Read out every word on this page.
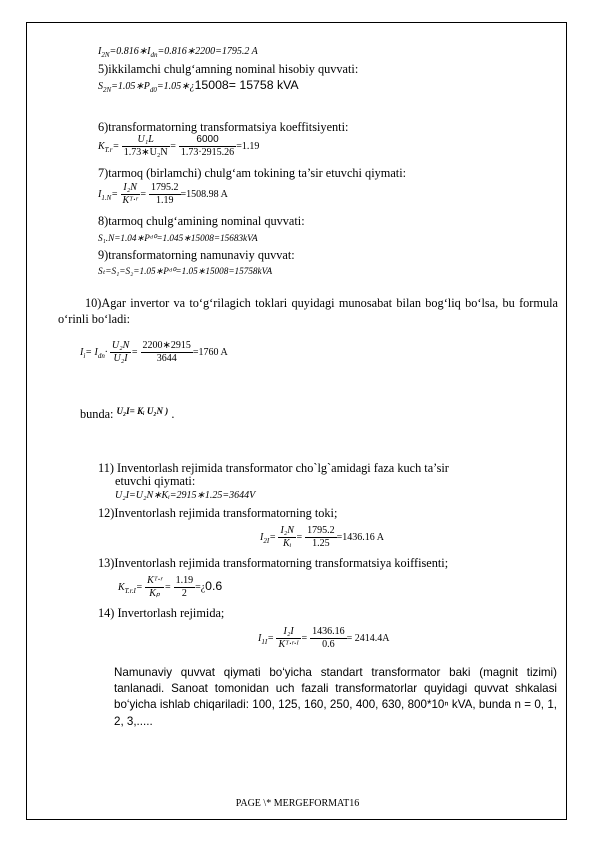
$I_{2N}=0.816∗I_{dn}=0.816∗2200=1795.2$ A
5)ikkilamchi chulg‘amning nominal hisobiy quvvati:
$S_{2N}=1.05∗P_{d0}=1.05∗¿15008= 15758$ kVA
6)transformatorning transformatsiya koeffitsiyenti:
$K_{T.r}= \frac{\text{U₁L}}{\text{1.73∗U₂N}} = \frac{6000}{1.73\cdot 2915.26} =1.19$
7)tarmoq (birlamchi) chulg‘am tokining ta’sir etuvchi qiymati:
$I_{1.N}= \frac{\text{I₂N}}{\text{Kᵀ·ʳ}} = \frac{1795.2}{1.19} =1508.98$ A
8)tarmoq chulg‘amining nominal quvvati:
S₁.N=1.04∗Pᵈ⁰=1.045∗15008=15683kVA
9)transformatorning namunaviy quvvat:
Sₜ=S₁=S₂=1.05∗Pᵈ⁰=1.05∗15008=15758kVA
10)Agar invertor va to‘g‘rilagich toklari quyidagi munosabat bilan bog‘liq bo‘lsa, bu formula o‘rinli bo‘ladi:
$I_i= I_{dn}\cdot \frac{\text{U₂N}}{\text{U₂I}} = \frac{2200∗2915}{3644} =1760$ A
bunda: $^{U_2I= Kᵢ U_2N )}$ .
11) Inventorlash rejimida transformator cho`lg`amidagi faza kuch ta’sir
etuvchi qiymati:
U₂I=U₂N∗Kᵢ=2915∗1.25=3644V
12)Inventorlash rejimida transformatorning toki;
$I_{2I}= \frac{\text{I₂N}}{\text{Kᵢ}} = \frac{1795.2}{1.25} =1436.16$ A
13)Inventorlash rejimida transformatorning transformatsiya koiffisenti;
$K_{T.r.I}= \frac{\text{Kᵀ·ʳ}}{\text{Kₚ}} = \frac{1.19}{2}$ =¿0.6
14) Invertorlash rejimida;
$I_{1I}= \frac{\text{I₂I}}{\text{Kᵀ·ʳ·ᴵ}} = \frac{1436.16}{0.6} = 2414.4A$
Namunaviy quvvat qiymati bo‘yicha standart transformator baki (magnit tizimi) tanlanadi. Sanoat tomonidan uch fazali transformatorlar quyidagi quvvat shkalasi bo‘yicha ishlab chiqariladi: 100, 125, 160, 250, 400, 630, 800*10ⁿ kVA, bunda n = 0, 1, 2, 3,.....
PAGE \* MERGEFORMAT16
